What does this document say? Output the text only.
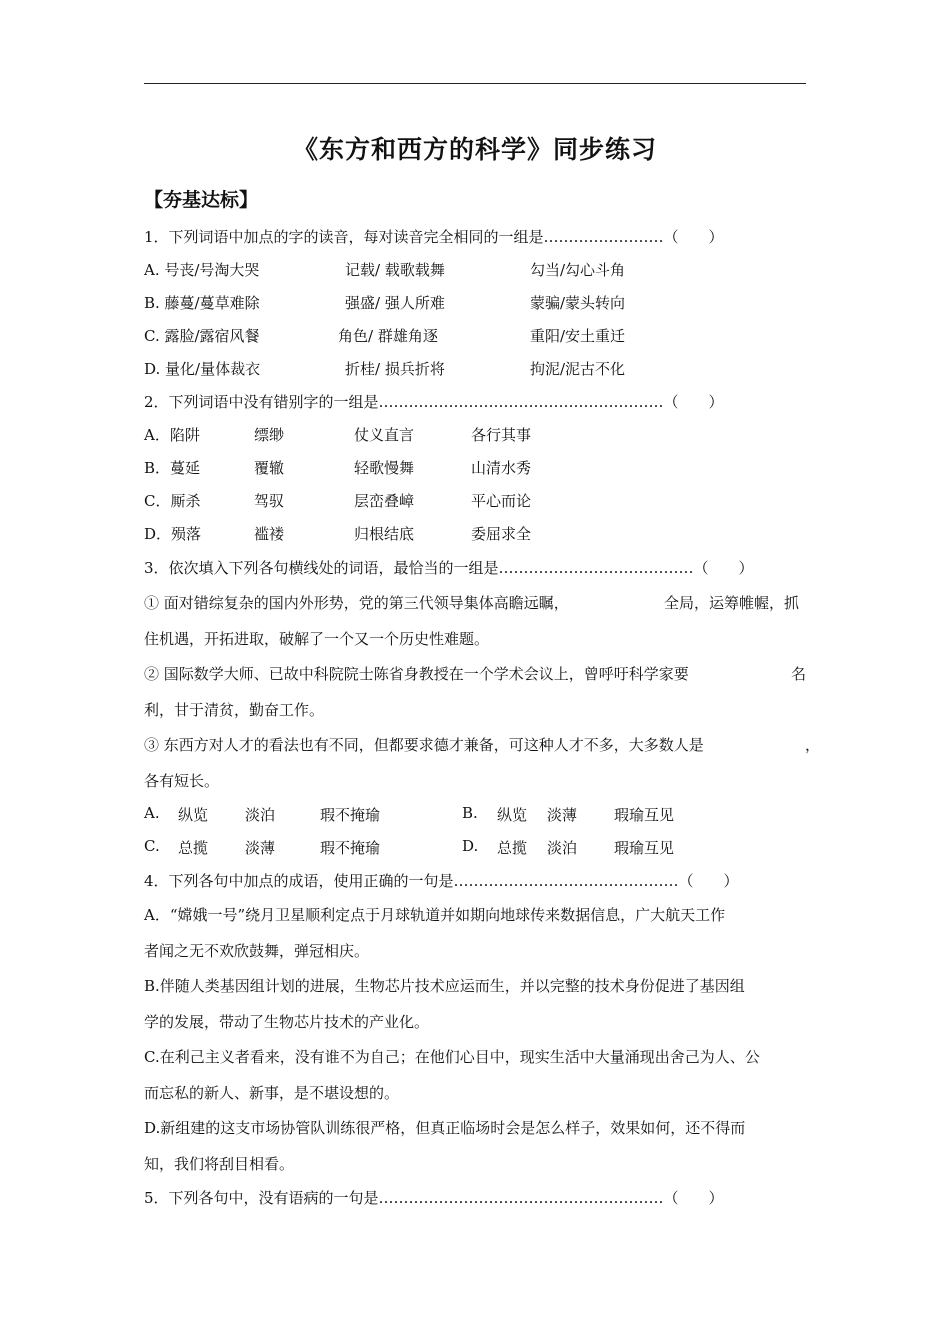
《东方和西方的科学》同步练习
【夯基达标】
1．下列词语中加点的字的读音，每对读音完全相同的一组是……………………（　　）
A. 号丧/号淘大哭	记载/ 载歌载舞	勾当/勾心斗角
B. 藤蔓/蔓草难除	强盛/ 强人所难	蒙骗/蒙头转向
C. 露脸/露宿风餐	角色/ 群雄角逐	重阳/安土重迁
D. 量化/量体裁衣	折桂/ 损兵折将	拘泥/泥古不化
2．下列词语中没有错别字的一组是…………………………………………………（　　）
A．陷阱	缥缈	仗义直言	各行其事
B．蔓延	覆辙	轻歌慢舞	山清水秀
C．厮杀	驾驭	层峦叠嶂	平心而论
D．殒落	褴褛	归根结底	委屈求全
3．依次填入下列各句横线处的词语，最恰当的一组是…………………………………（　　）
① 面对错综复杂的国内外形势，党的第三代领导集体高瞻远瞩，	全局，运筹帷幄，抓
住机遇，开拓进取，破解了一个又一个历史性难题。
② 国际数学大师、已故中科院院士陈省身教授在一个学术会议上，曾呼吁科学家要	名
利，甘于清贫，勤奋工作。
③ 东西方对人才的看法也有不同，但都要求德才兼备，可这种人才不多，大多数人是	，
各有短长。
A. 纵览 淡泊	瑕不掩瑜	B. 纵览 淡薄 瑕瑜互见
C. 总揽 淡薄	瑕不掩瑜	D. 总揽 淡泊 瑕瑜互见
4．下列各句中加点的成语，使用正确的一句是………………………………………（　　）
A．“嫦娥一号”绕月卫星顺利定点于月球轨道并如期向地球传来数据信息，广大航天工作
者闻之无不欢欣鼓舞，弹冠相庆。
B.伴随人类基因组计划的进展，生物芯片技术应运而生，并以完整的技术身份促进了基因组
学的发展，带动了生物芯片技术的产业化。
C.在利己主义者看来，没有谁不为自己；在他们心目中，现实生活中大量涌现出舍己为人、公
而忘私的新人、新事，是不堪设想的。
D.新组建的这支市场协管队训练很严格，但真正临场时会是怎么样子，效果如何，还不得而
知，我们将刮目相看。
5．下列各句中，没有语病的一句是…………………………………………………（　　）
